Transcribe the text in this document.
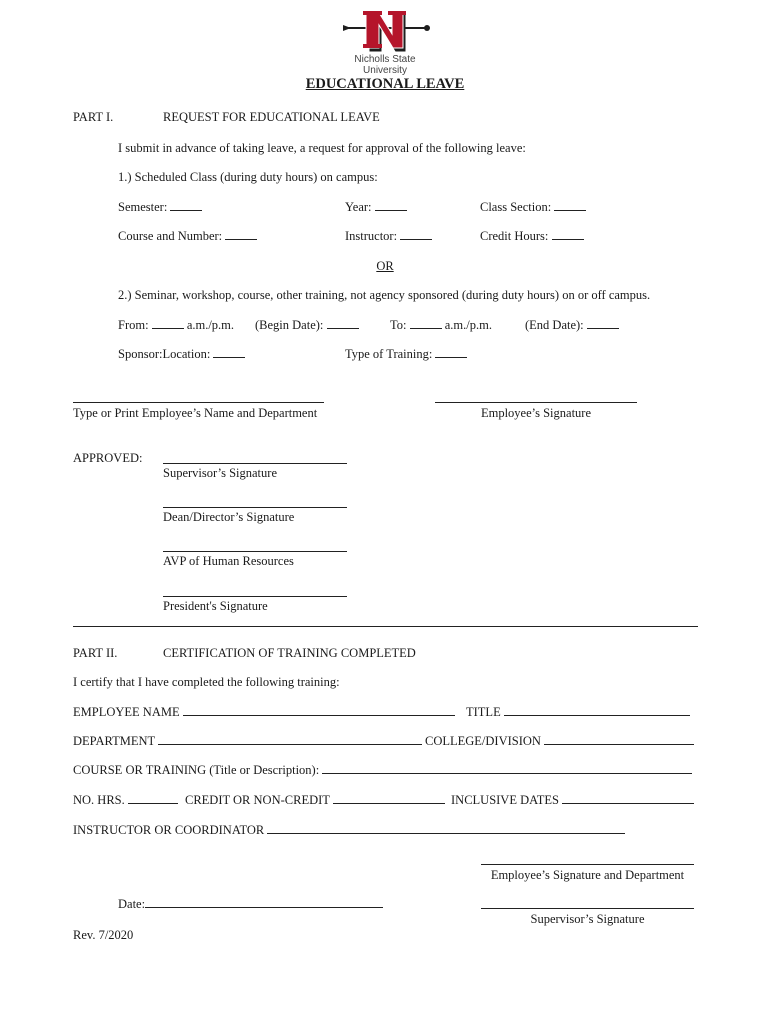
Nicholls State University
EDUCATIONAL LEAVE
PART I.	REQUEST FOR EDUCATIONAL LEAVE
I submit in advance of taking leave, a request for approval of the following leave:
1.) Scheduled Class (during duty hours) on campus:
Semester:	Year:	Class Section:
Course and Number:	Instructor:	Credit Hours:
OR
2.) Seminar, workshop, course, other training, not agency sponsored (during duty hours) on or off campus.
From:	a.m./p.m. (Begin Date):	To:	a.m./p.m.	(End Date):
Sponsor:Location:	Type of Training:
Type or Print Employee’s Name and Department	Employee’s Signature
APPROVED:
Supervisor’s Signature
Dean/Director’s Signature
AVP of Human Resources
President's Signature
PART II.	CERTIFICATION OF TRAINING COMPLETED
I certify that I have completed the following training:
EMPLOYEE NAME	TITLE
DEPARTMENT	COLLEGE/DIVISION
COURSE OR TRAINING (Title or Description):
NO. HRS.	CREDIT OR NON-CREDIT	INCLUSIVE DATES
INSTRUCTOR OR COORDINATOR
Employee’s Signature and Department
Date:
Supervisor’s Signature
Rev. 7/2020
